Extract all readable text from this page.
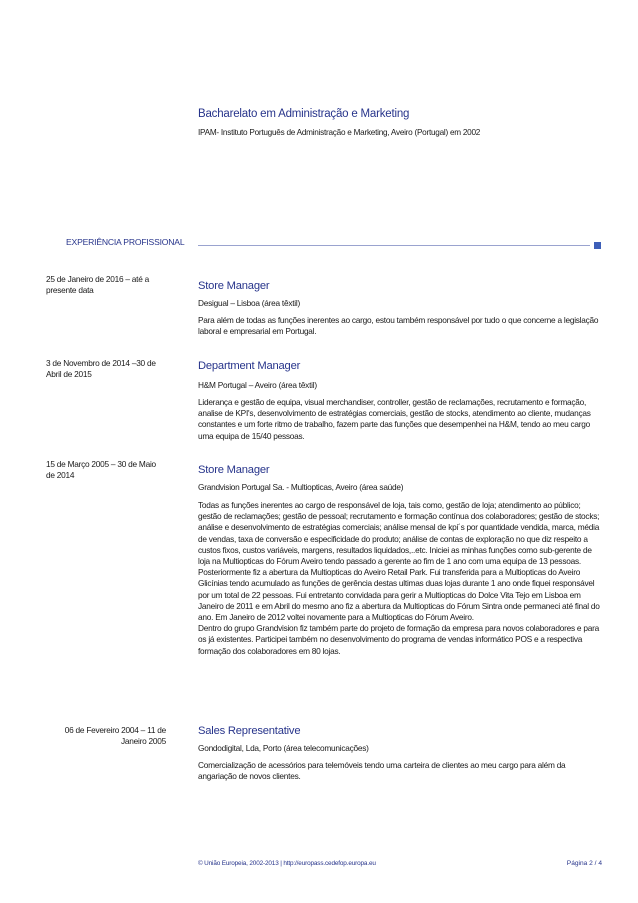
Bacharelato em Administração e Marketing
IPAM- Instituto Português de Administração e Marketing, Aveiro (Portugal) em 2002
EXPERIÊNCIA PROFISSIONAL
25 de Janeiro de 2016 – até a presente data	Store Manager
Desigual – Lisboa (área têxtil)

Para além de todas as funções inerentes ao cargo, estou também responsável por tudo o que concerne a legislação laboral e empresarial em Portugal.

3 de Novembro de 2014 –30 de Abril de 2015
Department Manager
H&M Portugal – Aveiro (área têxtil)

Liderança e gestão de equipa, visual merchandiser, controller, gestão de reclamações, recrutamento e formação, analise de KPI's, desenvolvimento de estratégias comerciais, gestão de stocks, atendimento ao cliente, mudanças constantes e um forte ritmo de trabalho, fazem parte das funções que desempenhei na H&M, tendo ao meu cargo uma equipa de 15/40 pessoas.

15 de Março 2005 – 30 de Maio de 2014	Store Manager
Grandvision Portugal Sa. - Multiopticas, Aveiro (área saúde)

Todas as funções inerentes ao cargo de responsável de loja, tais como, gestão de loja; atendimento ao público; gestão de reclamações; gestão de pessoal; recrutamento e formação contínua dos colaboradores; gestão de stocks; análise e desenvolvimento de estratégias comerciais; análise mensal de kpi´s por quantidade vendida, marca, média de vendas, taxa de conversão e especificidade do produto; análise de contas de exploração no que diz respeito a custos fixos, custos variáveis, margens, resultados liquidados,..etc. Iniciei as minhas funções como sub-gerente de loja na Multiopticas do Fórum Aveiro tendo passado a gerente ao fim de 1 ano com uma equipa de 13 pessoas. Posteriormente fiz a abertura da Multiopticas do Aveiro Retail Park. Fui transferida para a Multiopticas do Aveiro Glicínias tendo acumulado as funções de gerência destas ultimas duas lojas durante 1 ano onde fiquei responsável por um total de 22 pessoas. Fui entretanto convidada para gerir a Multiopticas do Dolce Vita Tejo em Lisboa em Janeiro de 2011 e em Abril do mesmo ano fiz a abertura da Multiopticas do Fórum Sintra onde permaneci até final do ano. Em Janeiro de 2012 voltei novamente para a Multiopticas do Fórum Aveiro.

Dentro do grupo Grandvision fiz também parte do projeto de formação da empresa para novos colaboradores e para os já existentes. Participei também no desenvolvimento do programa de vendas informático POS e a respectiva formação dos colaboradores em 80 lojas.

06 de Fevereiro 2004 – 11 de Janeiro 2005
Sales Representative
Gondodigital, Lda, Porto (área telecomunicações)

Comercialização de acessórios para telemóveis tendo uma carteira de clientes ao meu cargo para além da angariação de novos clientes.

© União Europeia, 2002-2013 | http://europass.cedefop.europa.eu	Página 2 / 4
